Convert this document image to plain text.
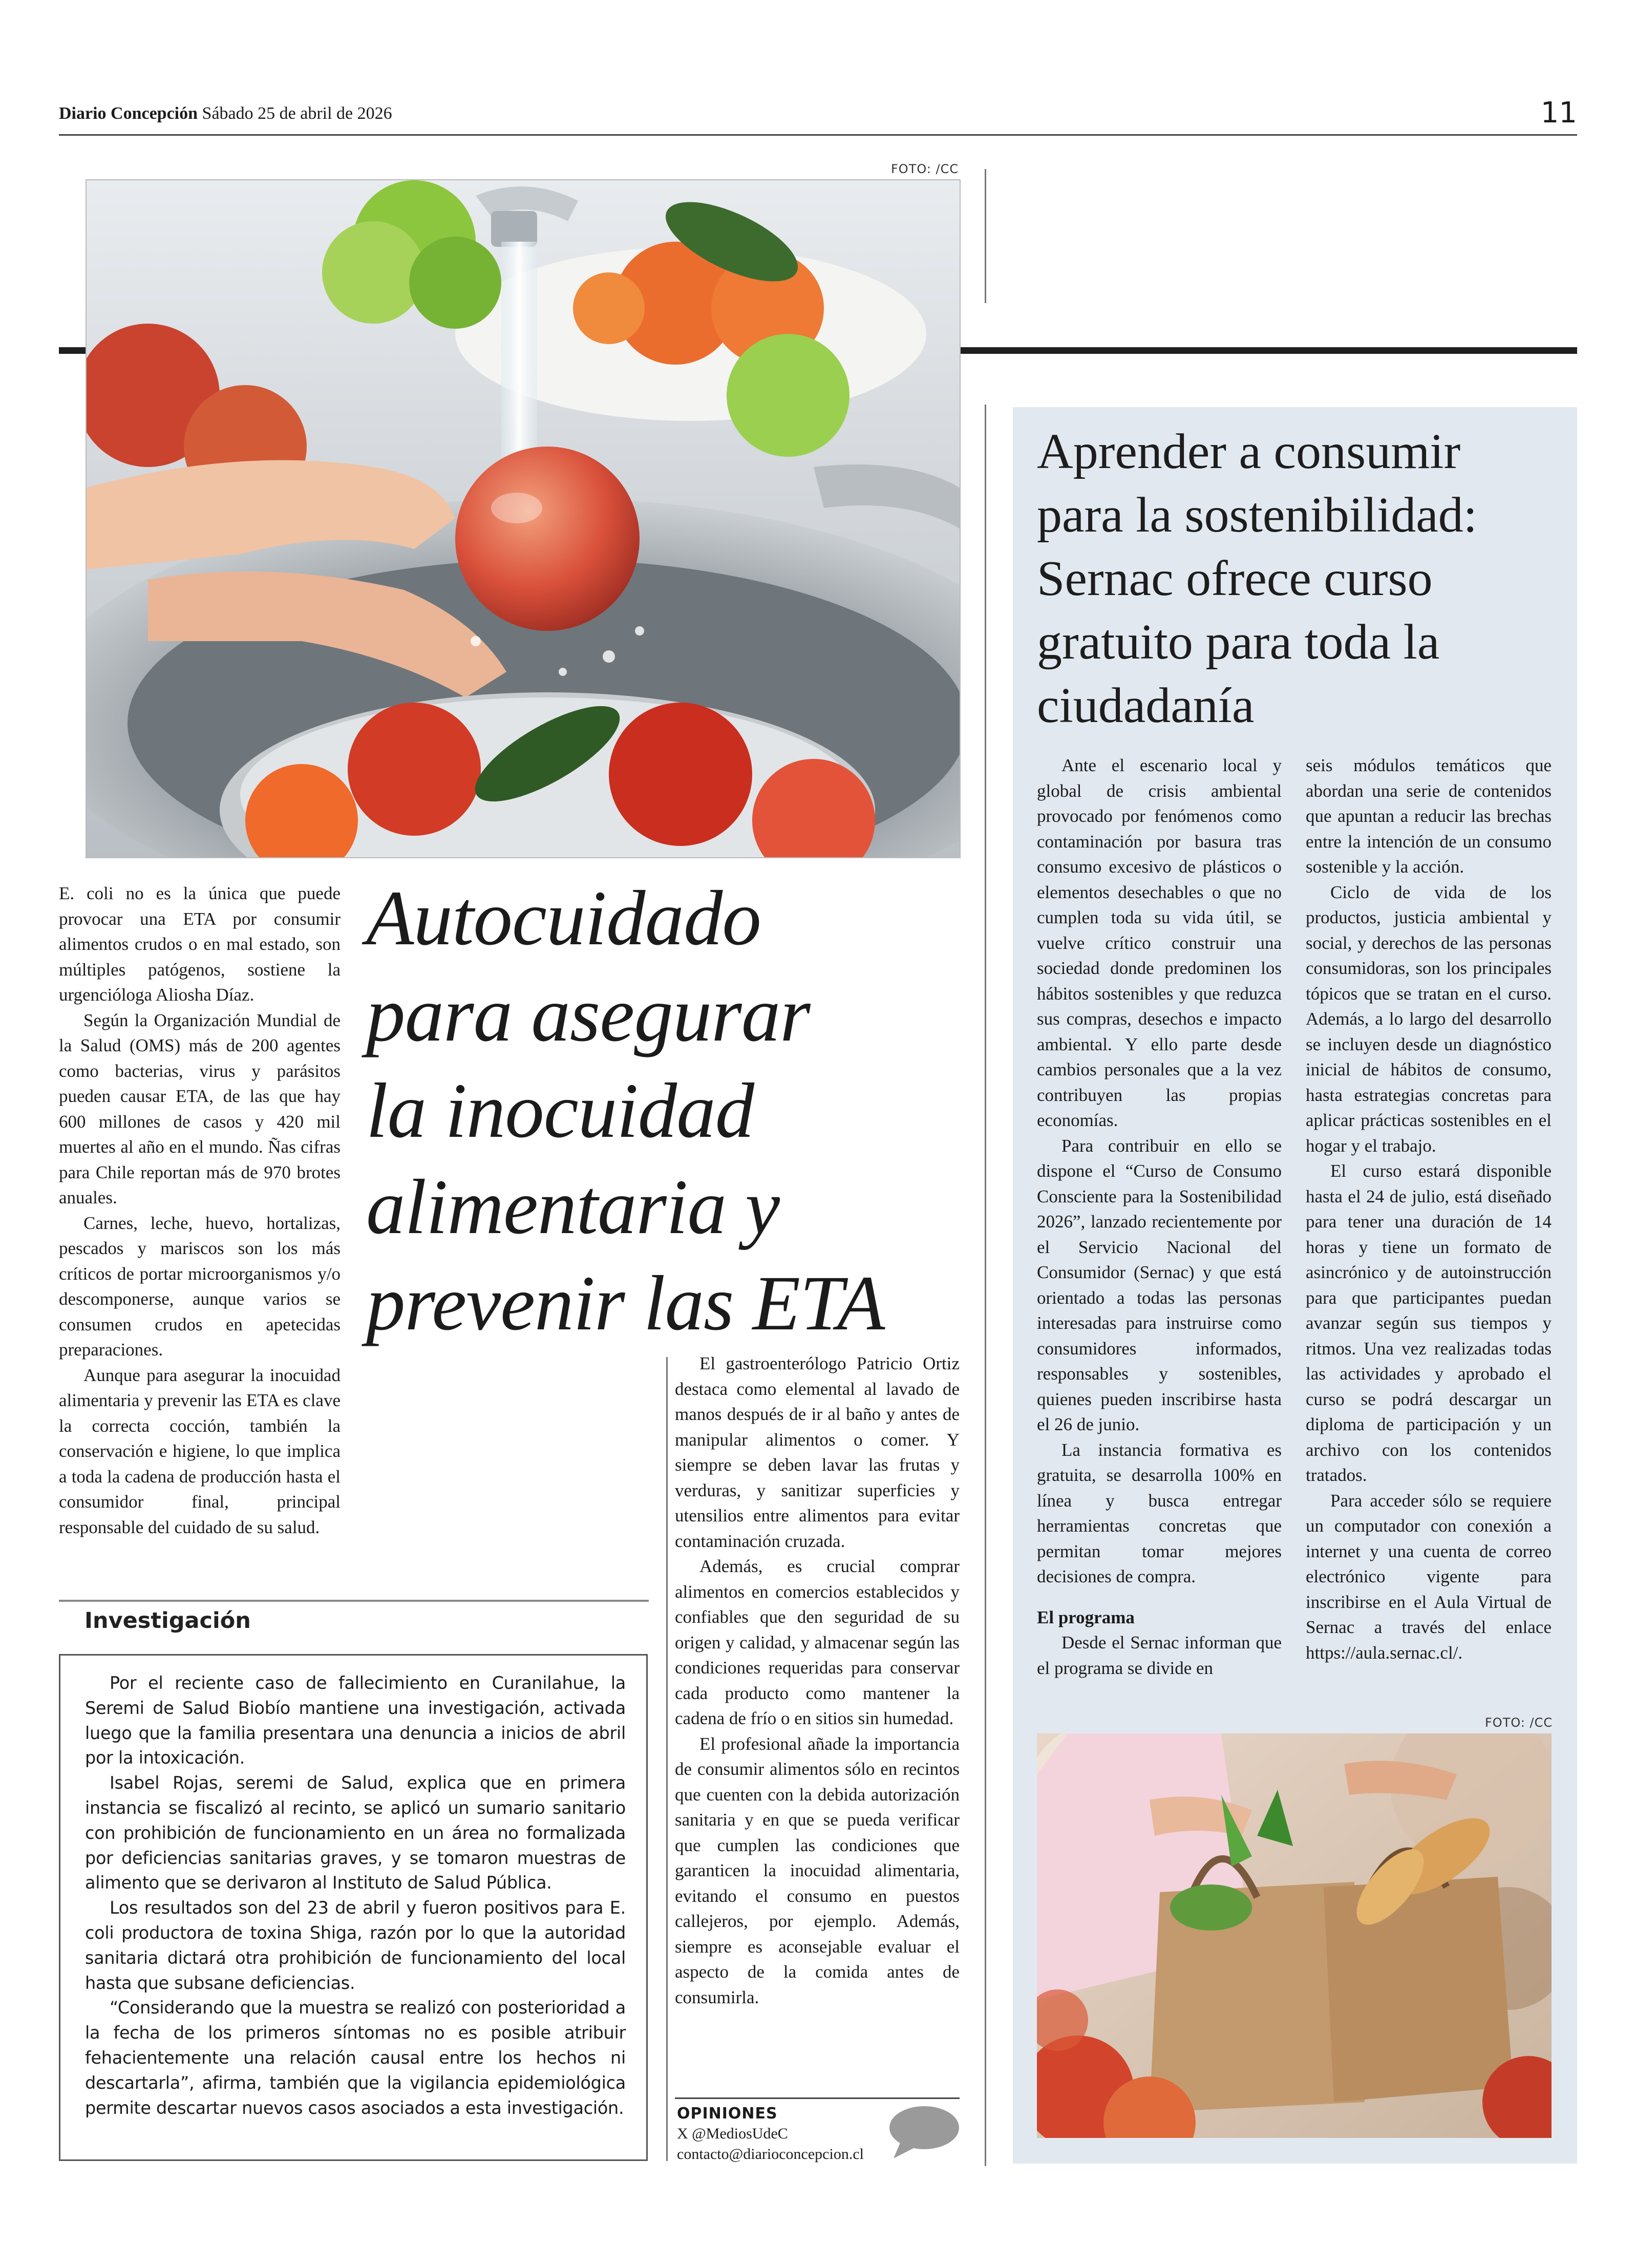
Diario Concepción Sábado 25 de abril de 2026	11
FOTO: /CC

E. coli no es la única que puede provocar una ETA por consumir alimentos crudos o en mal estado, son múltiples patógenos, sostiene la urgencióloga Aliosha Díaz.

Según la Organización Mundial de la Salud (OMS) más de 200 agentes como bacterias, virus y parásitos pueden causar ETA, de las que hay 600 millones de casos y 420 mil muertes al año en el mundo. Ñas cifras para Chile reportan más de 970 brotes anuales.

Carnes, leche, huevo, hortalizas, pescados y mariscos son los más críticos de portar microorganismos y/o descomponerse, aunque varios se consumen crudos en apetecidas preparaciones.

Aunque para asegurar la inocuidad alimentaria y prevenir las ETA es clave la correcta cocción, también la conservación e higiene, lo que implica a toda la cadena de producción hasta el consumidor final, principal responsable del cuidado de su salud.

Autocuidado
para asegurar
la inocuidad
alimentaria y
prevenir las ETA

El gastroenterólogo Patricio Ortiz destaca como elemental al lavado de manos después de ir al baño y antes de manipular alimentos o comer. Y siempre se deben lavar las frutas y verduras, y sanitizar superficies y utensilios entre alimentos para evitar contaminación cruzada.

Además, es crucial comprar alimentos en comercios establecidos y confiables que den seguridad de su origen y calidad, y almacenar según las condiciones requeridas para conservar cada producto como mantener la cadena de frío o en sitios sin humedad.

El profesional añade la importancia de consumir alimentos sólo en recintos que cuenten con la debida autorización sanitaria y en que se pueda verificar que cumplen las condiciones que garanticen la inocuidad alimentaria, evitando el consumo en puestos callejeros, por ejemplo. Además, siempre es aconsejable evaluar el aspecto de la comida antes de consumirla.

Investigación

Por el reciente caso de fallecimiento en Curanilahue, la Seremi de Salud Biobío mantiene una investigación, activada luego que la familia presentara una denuncia a inicios de abril por la intoxicación.

Isabel Rojas, seremi de Salud, explica que en primera instancia se fiscalizó al recinto, se aplicó un sumario sanitario con prohibición de funcionamiento en un área no formalizada por deficiencias sanitarias graves, y se tomaron muestras de alimento que se derivaron al Instituto de Salud Pública.

Los resultados son del 23 de abril y fueron positivos para E. coli productora de toxina Shiga, razón por lo que la autoridad sanitaria dictará otra prohibición de funcionamiento del local hasta que subsane deficiencias.

“Considerando que la muestra se realizó con posterioridad a la fecha de los primeros síntomas no es posible atribuir fehacientemente una relación causal entre los hechos ni descartarla”, afirma, también que la vigilancia epidemiológica permite descartar nuevos casos asociados a esta investigación.	OPINIONES
X @MediosUdeC
contacto@diarioconcepcion.cl
Aprender a consumir
para la sostenibilidad:
Sernac ofrece curso
gratuito para toda la
ciudadanía

Ante el escenario local y global de crisis ambiental provocado por fenómenos como contaminación por basura tras consumo excesivo de plásticos o elementos desechables o que no cumplen toda su vida útil, se vuelve crítico construir una sociedad donde predominen los hábitos sostenibles y que reduzca sus compras, desechos e impacto ambiental. Y ello parte desde cambios personales que a la vez contribuyen las propias economías.

Para contribuir en ello se dispone el “Curso de Consumo Consciente para la Sostenibilidad 2026”, lanzado recientemente por el Servicio Nacional del Consumidor (Sernac) y que está orientado a todas las personas interesadas para instruirse como consumidores informados, responsables y sostenibles, quienes pueden inscribirse hasta el 26 de junio.

La instancia formativa es gratuita, se desarrolla 100% en línea y busca entregar herramientas concretas que permitan tomar mejores decisiones de compra.

El programa

Desde el Sernac informan que el programa se divide en

seis módulos temáticos que abordan una serie de contenidos que apuntan a reducir las brechas entre la intención de un consumo sostenible y la acción.

Ciclo de vida de los productos, justicia ambiental y social, y derechos de las personas consumidoras, son los principales tópicos que se tratan en el curso. Además, a lo largo del desarrollo se incluyen desde un diagnóstico inicial de hábitos de consumo, hasta estrategias concretas para aplicar prácticas sostenibles en el hogar y el trabajo.

El curso estará disponible hasta el 24 de julio, está diseñado para tener una duración de 14 horas y tiene un formato de asincrónico y de autoinstrucción para que participantes puedan avanzar según sus tiempos y ritmos. Una vez realizadas todas las actividades y aprobado el curso se podrá descargar un diploma de participación y un archivo con los contenidos tratados.

Para acceder sólo se requiere un computador con conexión a internet y una cuenta de correo electrónico vigente para inscribirse en el Aula Virtual de Sernac a través del enlace https://aula.sernac.cl/.

FOTO: /CC
